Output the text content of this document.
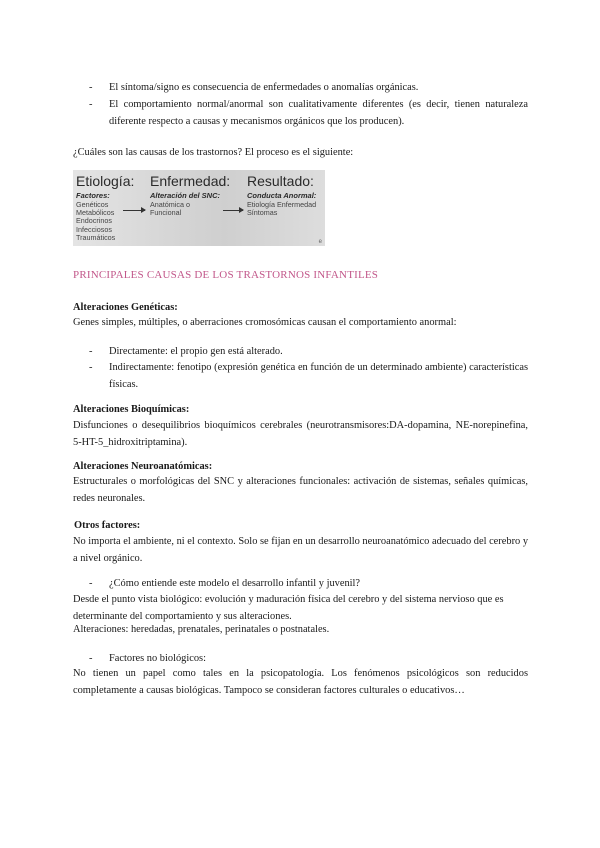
- El síntoma/signo es consecuencia de enfermedades o anomalías orgánicas.
- El comportamiento normal/anormal son cualitativamente diferentes (es decir, tienen naturaleza diferente respecto a causas y mecanismos orgánicos que los producen).

¿Cuáles son las causas de los trastornos? El proceso es el siguiente:

Etiología:
Factores:
Genéticos
Metabólicos
Endocrinos
Infecciosos
Traumáticos
Enfermedad:
Alteración del SNC:
Anatómica o
Funcional
Resultado:
Conducta Anormal:
Etiología Enfermedad
Síntomas
e
PRINCIPALES CAUSAS DE LOS TRASTORNOS INFANTILES

Alteraciones Genéticas:

Genes simples, múltiples, o aberraciones cromosómicas causan el comportamiento anormal:

- Directamente: el propio gen está alterado.
- Indirectamente: fenotipo (expresión genética en función de un determinado ambiente) características físicas.

Alteraciones Bioquímicas:

Disfunciones o desequilibrios bioquímicos cerebrales (neurotransmisores:DA-dopamina, NE-norepinefina, 5-HT-5_hidroxitriptamina).

Alteraciones Neuroanatómicas:

Estructurales o morfológicas del SNC y alteraciones funcionales: activación de sistemas, señales químicas, redes neuronales.

Otros factores:

No importa el ambiente, ni el contexto. Solo se fijan en un desarrollo neuroanatómico adecuado del cerebro y a nivel orgánico.

- ¿Cómo entiende este modelo el desarrollo infantil y juvenil?

Desde el punto vista biológico: evolución y maduración física del cerebro y del sistema nervioso que es determinante del comportamiento y sus alteraciones.

Alteraciones: heredadas, prenatales, perinatales o postnatales.

- Factores no biológicos:

No tienen un papel como tales en la psicopatología. Los fenómenos psicológicos son reducidos completamente a causas biológicas. Tampoco se consideran factores culturales o educativos…
